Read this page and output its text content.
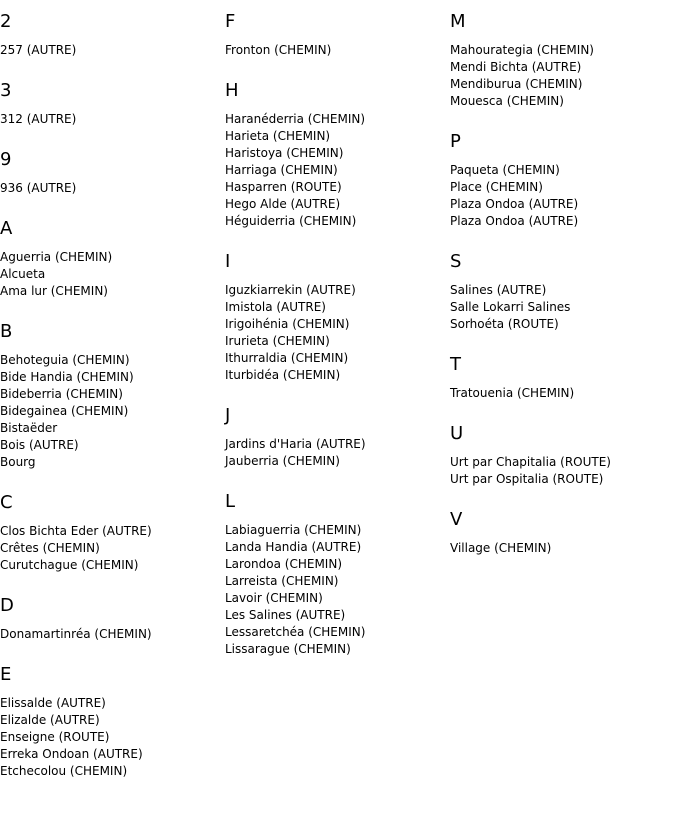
2
257 (AUTRE)
3
312 (AUTRE)
9
936 (AUTRE)
A
Aguerria (CHEMIN)
Alcueta
Ama lur (CHEMIN)
B
Behoteguia (CHEMIN)
Bide Handia (CHEMIN)
Bideberria (CHEMIN)
Bidegainea (CHEMIN)
Bistaëder
Bois (AUTRE)
Bourg
C
Clos Bichta Eder (AUTRE)
Crêtes (CHEMIN)
Curutchague (CHEMIN)
D
Donamartinréa (CHEMIN)
E
Elissalde (AUTRE)
Elizalde (AUTRE)
Enseigne (ROUTE)
Erreka Ondoan (AUTRE)
Etchecolou (CHEMIN)
F
Fronton (CHEMIN)
H
Haranéderria (CHEMIN)
Harieta (CHEMIN)
Haristoya (CHEMIN)
Harriaga (CHEMIN)
Hasparren (ROUTE)
Hego Alde (AUTRE)
Héguiderria (CHEMIN)
I
Iguzkiarrekin (AUTRE)
Imistola (AUTRE)
Irigoihénia (CHEMIN)
Irurieta (CHEMIN)
Ithurraldia (CHEMIN)
Iturbidéa (CHEMIN)
J
Jardins d'Haria (AUTRE)
Jauberria (CHEMIN)
L
Labiaguerria (CHEMIN)
Landa Handia (AUTRE)
Larondoa (CHEMIN)
Larreista (CHEMIN)
Lavoir (CHEMIN)
Les Salines (AUTRE)
Lessaretchéa (CHEMIN)
Lissarague (CHEMIN)
M
Mahourategia (CHEMIN)
Mendi Bichta (AUTRE)
Mendiburua (CHEMIN)
Mouesca (CHEMIN)
P
Paqueta (CHEMIN)
Place (CHEMIN)
Plaza Ondoa (AUTRE)
Plaza Ondoa (AUTRE)
S
Salines (AUTRE)
Salle Lokarri Salines
Sorhoéta (ROUTE)
T
Tratouenia (CHEMIN)
U
Urt par Chapitalia (ROUTE)
Urt par Ospitalia (ROUTE)
V
Village (CHEMIN)
